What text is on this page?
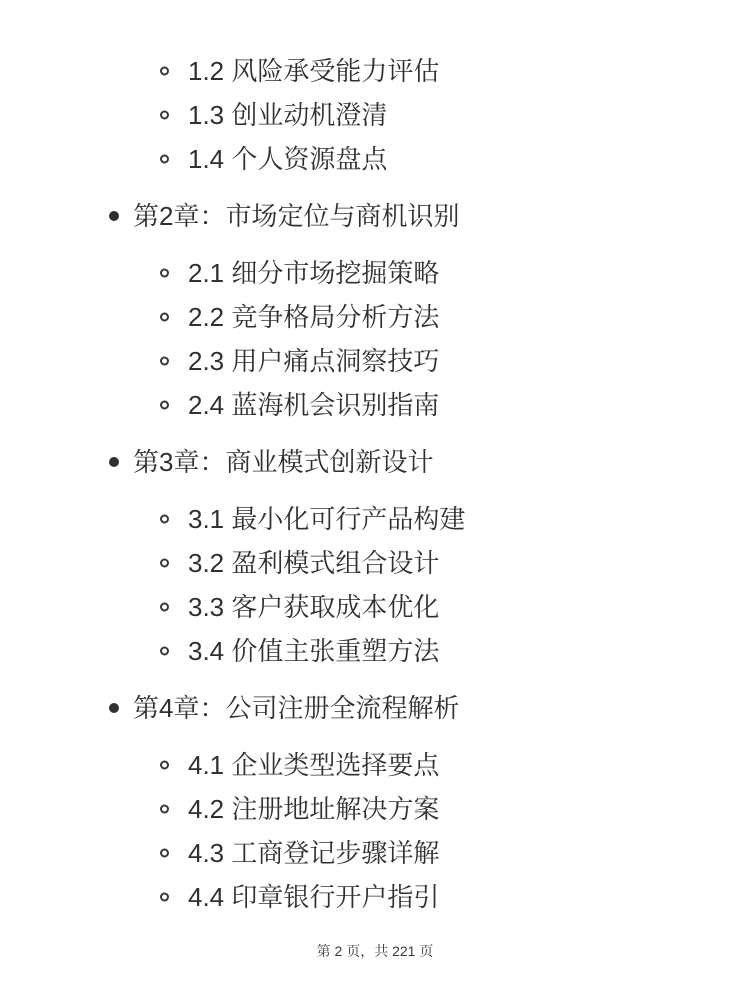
1.2 风险承受能力评估
1.3 创业动机澄清
1.4 个人资源盘点
第2章：市场定位与商机识别
2.1 细分市场挖掘策略
2.2 竞争格局分析方法
2.3 用户痛点洞察技巧
2.4 蓝海机会识别指南
第3章：商业模式创新设计
3.1 最小化可行产品构建
3.2 盈利模式组合设计
3.3 客户获取成本优化
3.4 价值主张重塑方法
第4章：公司注册全流程解析
4.1 企业类型选择要点
4.2 注册地址解决方案
4.3 工商登记步骤详解
4.4 印章银行开户指引
第 2 页，共 221 页
